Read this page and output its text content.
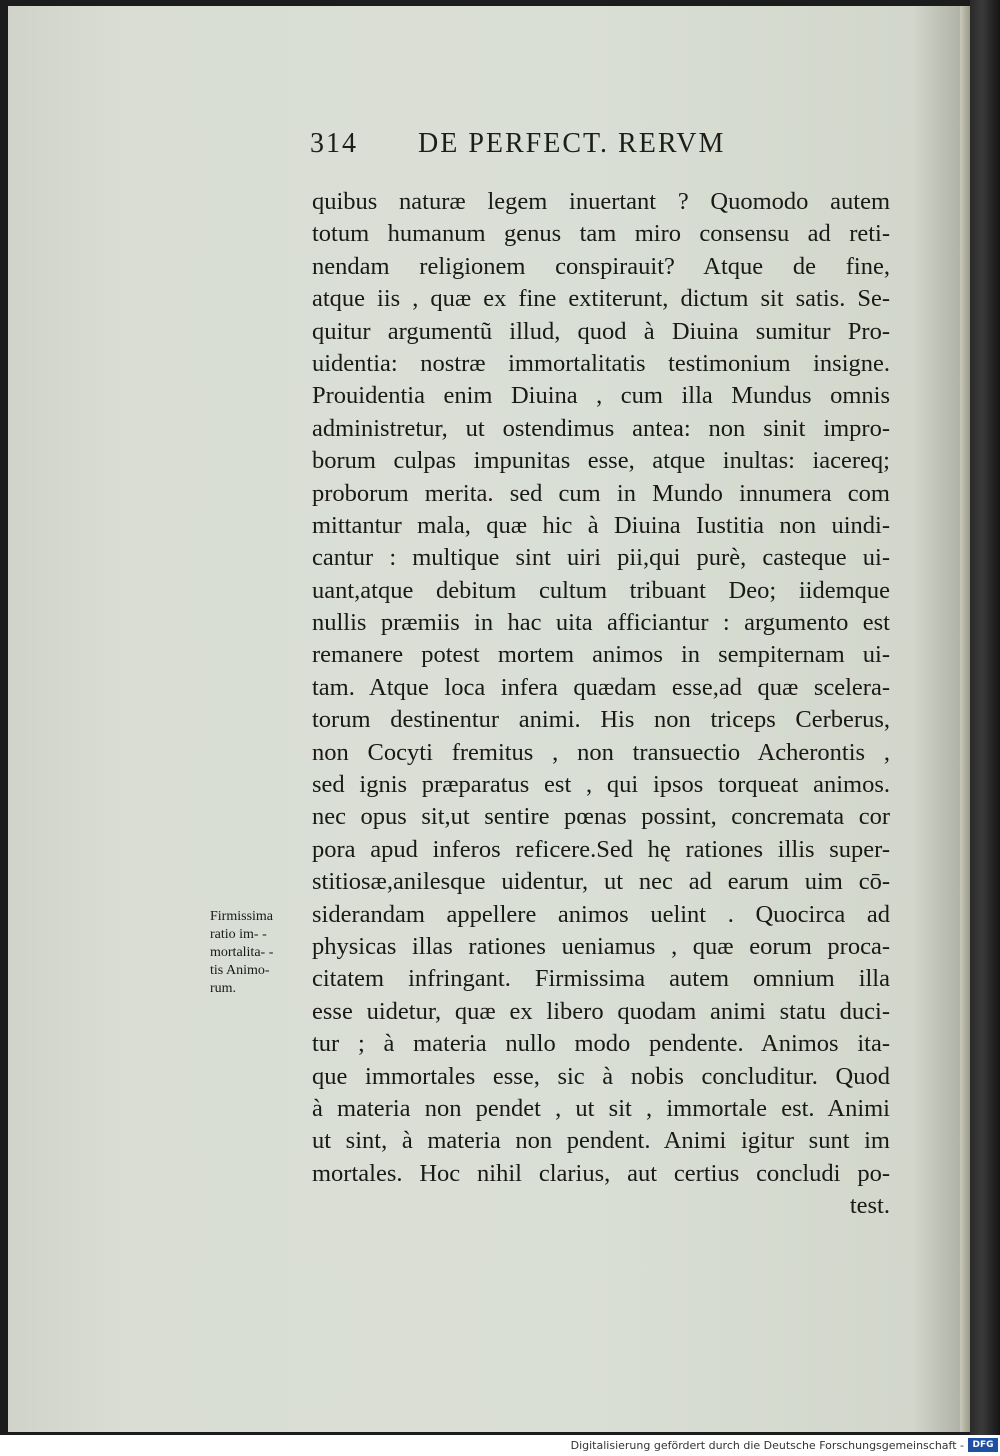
314 DE PERFECT. RERVM
quibus naturæ legem inuertant ? Quomodo autem
totum humanum genus tam miro consensu ad reti-
nendam religionem conspirauit? Atque de fine,
atque iis , quæ ex fine extiterunt, dictum sit satis. Se-
quitur argumentũ illud, quod à Diuina sumitur Pro-
uidentia: nostræ immortalitatis testimonium insigne.
Prouidentia enim Diuina , cum illa Mundus omnis
administretur, ut ostendimus antea: non sinit impro-
borum culpas impunitas esse, atque inultas: iacereq;
proborum merita. sed cum in Mundo innumera com
mittantur mala, quæ hic à Diuina Iustitia non uindi-
cantur : multique sint uiri pii,qui purè, casteque ui-
uant,atque debitum cultum tribuant Deo; iidemque
nullis præmiis in hac uita afficiantur : argumento est
remanere potest mortem animos in sempiternam ui-
tam. Atque loca infera quædam esse,ad quæ scelera-
torum destinentur animi. His non triceps Cerberus,
non Cocyti fremitus , non transuectio Acherontis ,
sed ignis præparatus est , qui ipsos torqueat animos.
nec opus sit,ut sentire pœnas possint, concremata cor
pora apud inferos reficere.Sed hę rationes illis super-
stitiosæ,anilesque uidentur, ut nec ad earum uim cō-
siderandam appellere animos uelint . Quocirca ad
physicas illas rationes ueniamus , quæ eorum proca-
citatem infringant. Firmissima autem omnium illa
esse uidetur, quæ ex libero quodam animi statu duci-
tur ; à materia nullo modo pendente. Animos ita-
que immortales esse, sic à nobis concluditur. Quod
à materia non pendet , ut sit , immortale est. Animi
ut sint, à materia non pendent. Animi igitur sunt im
mortales. Hoc nihil clarius, aut certius concludi po-
test.
Firmissima
ratio im- -
mortalita- -
tis Animo-
rum.
Digitalisierung gefördert durch die Deutsche Forschungsgemeinschaft - DFG
